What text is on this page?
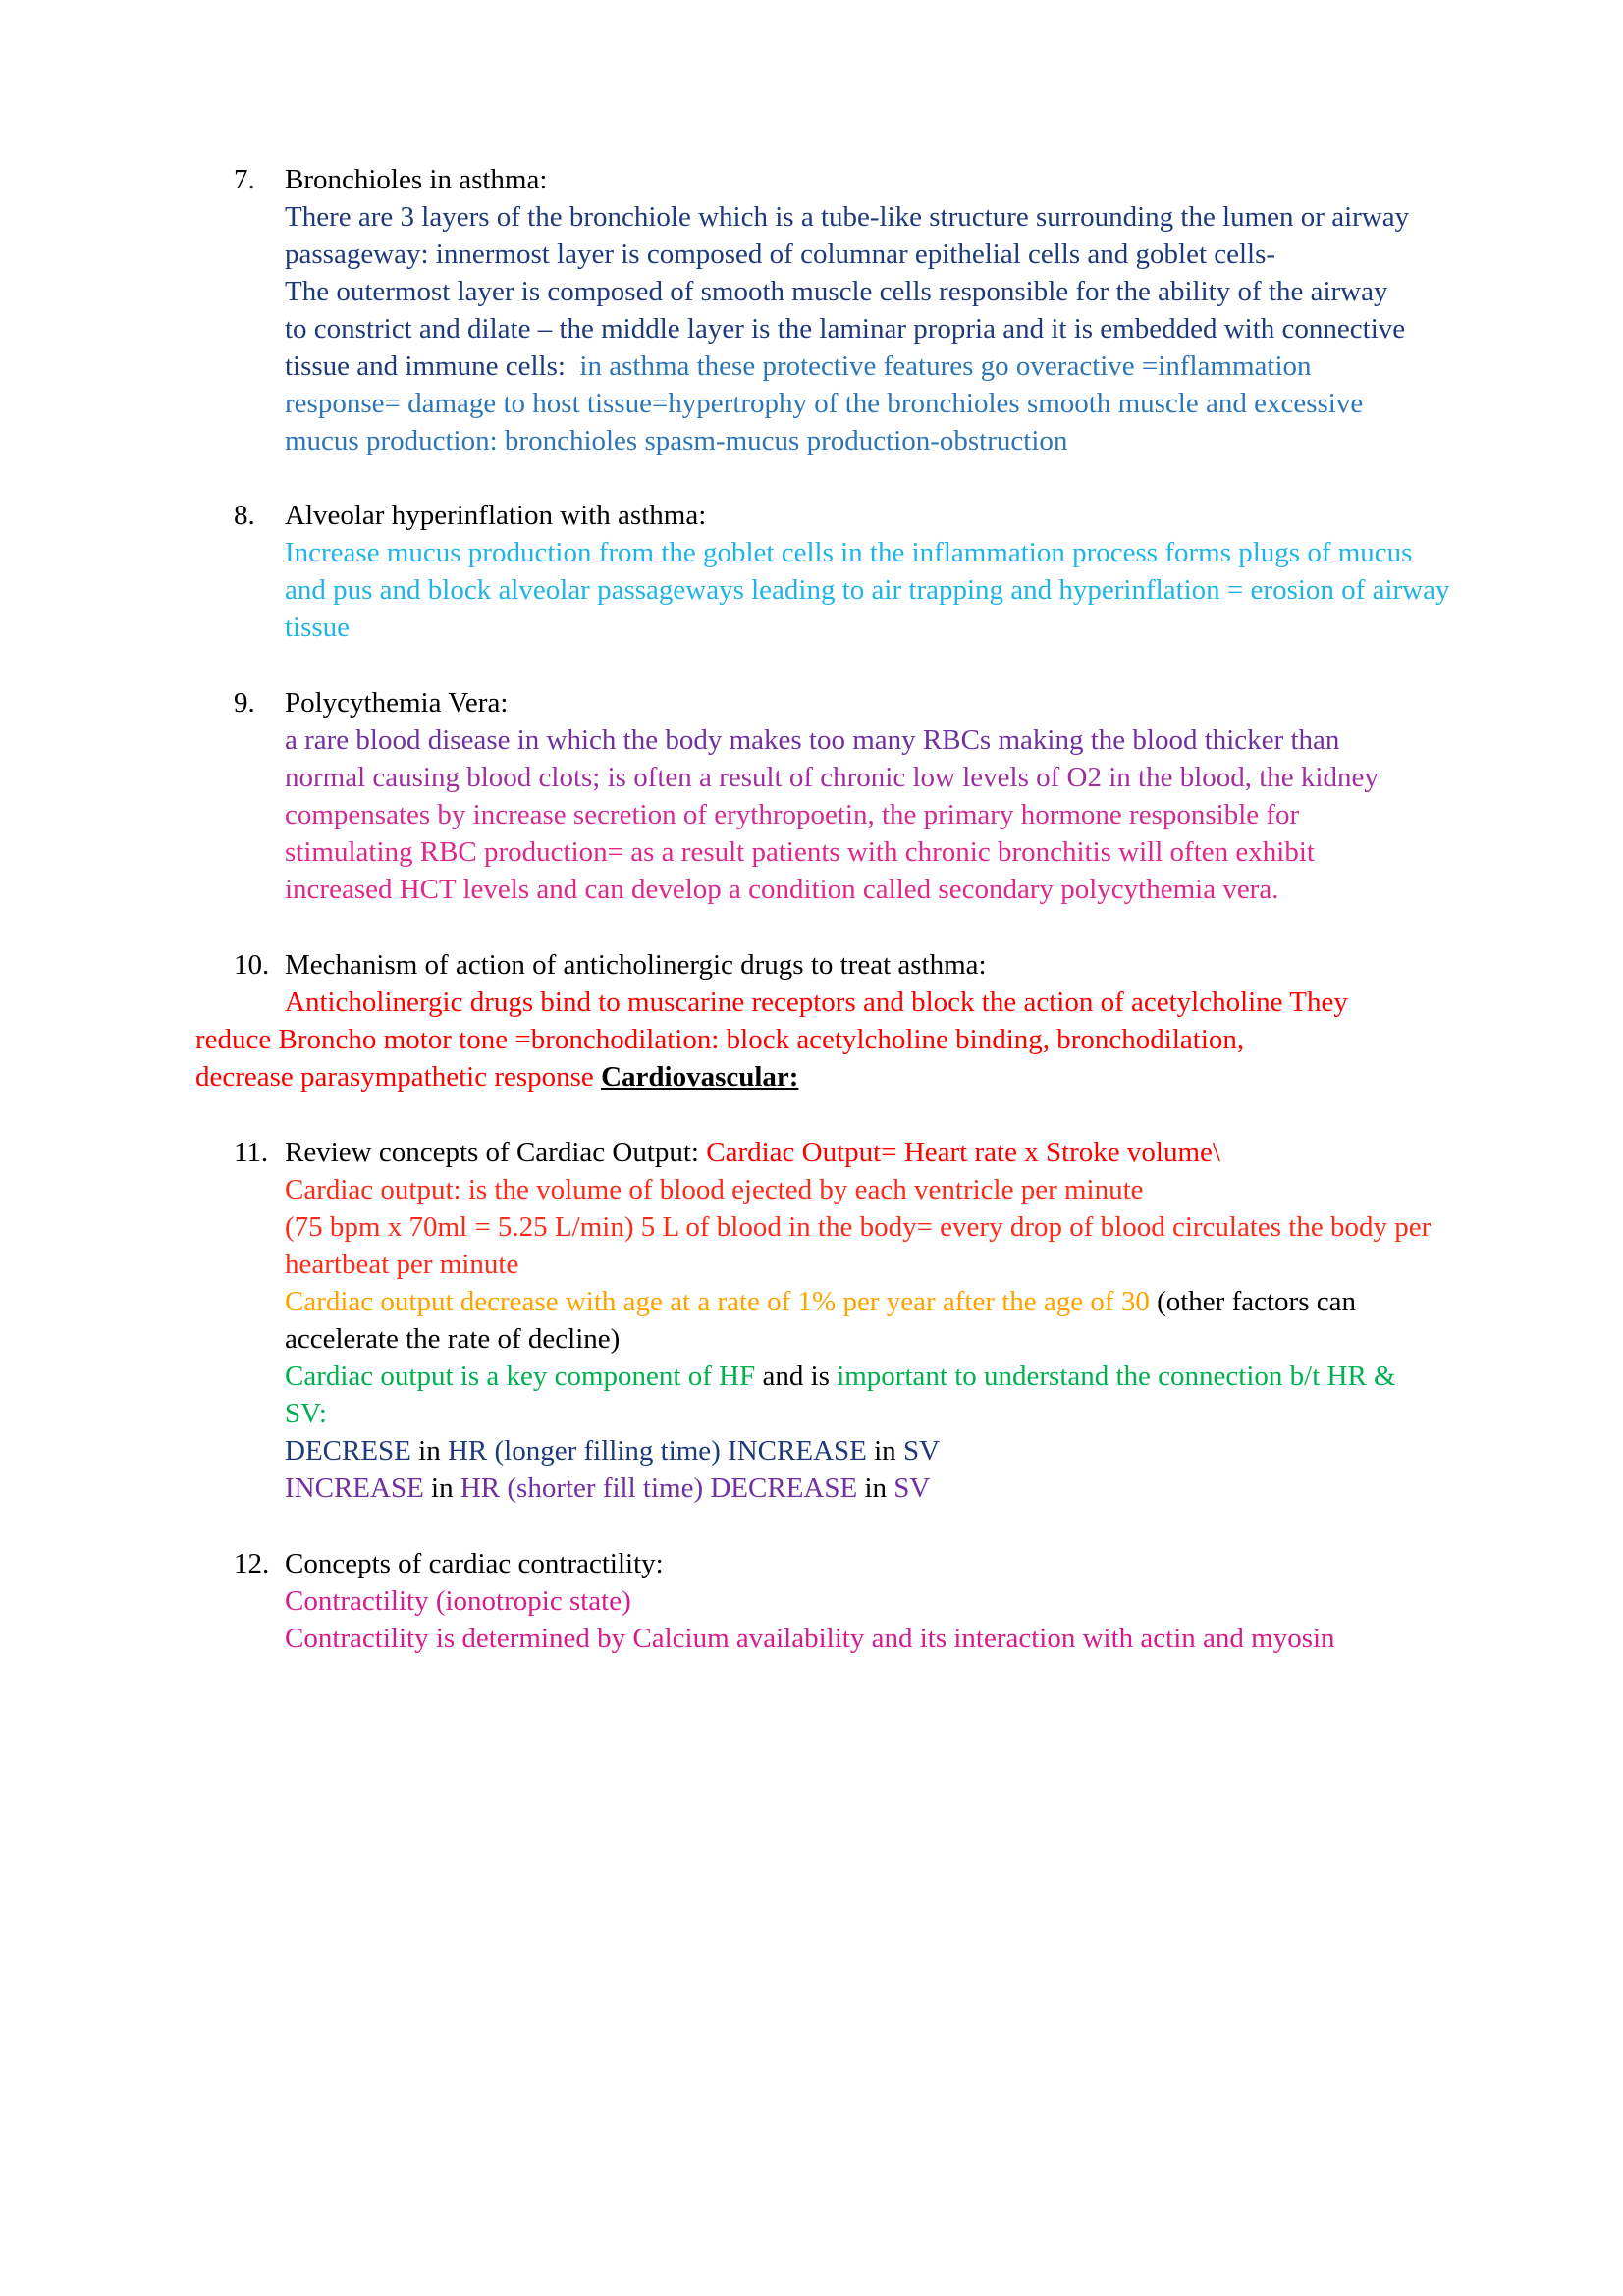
7. Bronchioles in asthma:
There are 3 layers of the bronchiole which is a tube-like structure surrounding the lumen or airway
passageway: innermost layer is composed of columnar epithelial cells and goblet cells-
The outermost layer is composed of smooth muscle cells responsible for the ability of the airway
to constrict and dilate – the middle layer is the laminar propria and it is embedded with connective
tissue and immune cells:  in asthma these protective features go overactive =inflammation
response= damage to host tissue=hypertrophy of the bronchioles smooth muscle and excessive
mucus production: bronchioles spasm-mucus production-obstruction
8. Alveolar hyperinflation with asthma:
Increase mucus production from the goblet cells in the inflammation process forms plugs of mucus
and pus and block alveolar passageways leading to air trapping and hyperinflation = erosion of airway
tissue
9. Polycythemia Vera:
a rare blood disease in which the body makes too many RBCs making the blood thicker than
normal causing blood clots; is often a result of chronic low levels of O2 in the blood, the kidney
compensates by increase secretion of erythropoetin, the primary hormone responsible for
stimulating RBC production= as a result patients with chronic bronchitis will often exhibit
increased HCT levels and can develop a condition called secondary polycythemia vera.
10. Mechanism of action of anticholinergic drugs to treat asthma:
Anticholinergic drugs bind to muscarine receptors and block the action of acetylcholine They
reduce Broncho motor tone =bronchodilation: block acetylcholine binding, bronchodilation,
decrease parasympathetic response Cardiovascular:
11. Review concepts of Cardiac Output: Cardiac Output= Heart rate x Stroke volume\
Cardiac output: is the volume of blood ejected by each ventricle per minute
(75 bpm x 70ml = 5.25 L/min) 5 L of blood in the body= every drop of blood circulates the body per
heartbeat per minute
Cardiac output decrease with age at a rate of 1% per year after the age of 30 (other factors can
accelerate the rate of decline)
Cardiac output is a key component of HF and is important to understand the connection b/t HR &
SV:
DECRESE in HR (longer filling time) INCREASE in SV
INCREASE in HR (shorter fill time) DECREASE in SV
12. Concepts of cardiac contractility:
Contractility (ionotropic state)
Contractility is determined by Calcium availability and its interaction with actin and myosin
